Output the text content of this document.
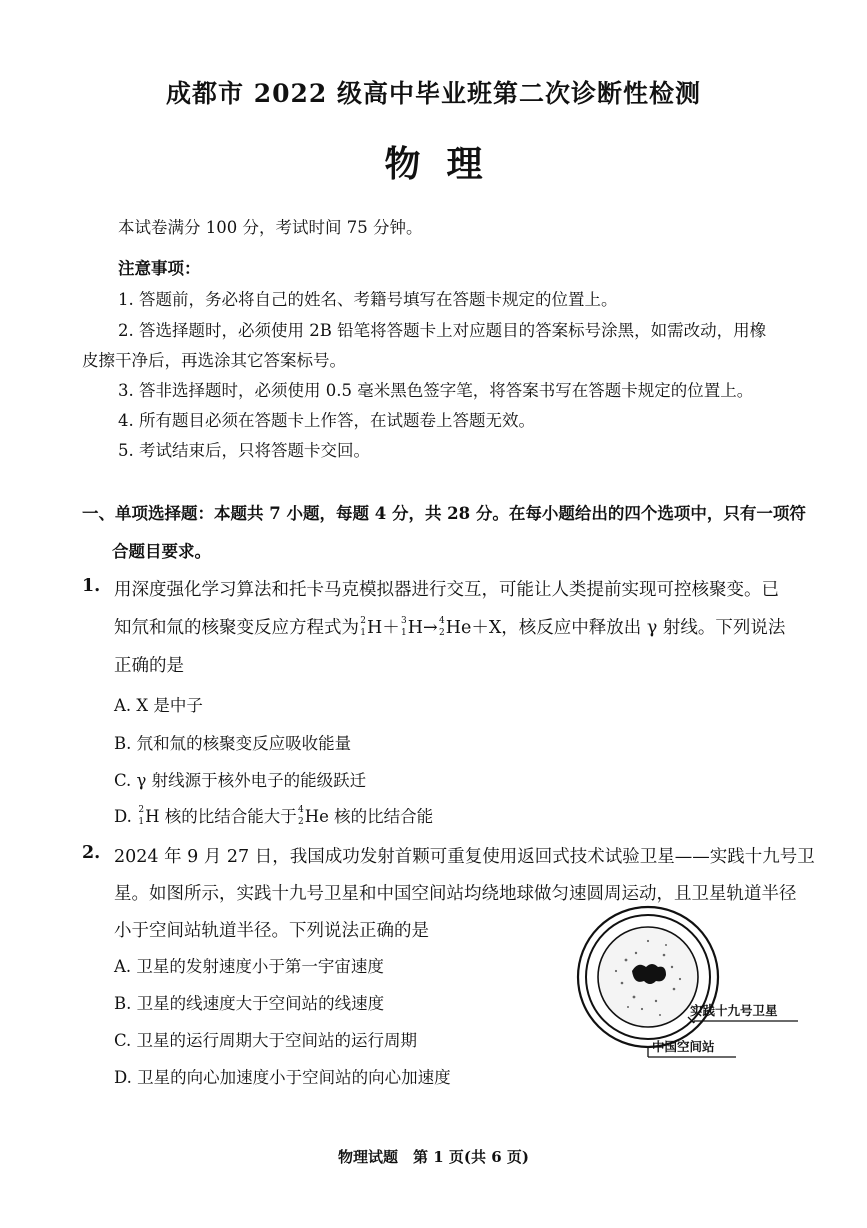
成都市 2022 级高中毕业班第二次诊断性检测
物理
本试卷满分 100 分，考试时间 75 分钟。
注意事项：
1. 答题前，务必将自己的姓名、考籍号填写在答题卡规定的位置上。
2. 答选择题时，必须使用 2B 铅笔将答题卡上对应题目的答案标号涂黑，如需改动，用橡
皮擦干净后，再选涂其它答案标号。
3. 答非选择题时，必须使用 0.5 毫米黑色签字笔，将答案书写在答题卡规定的位置上。
4. 所有题目必须在答题卡上作答，在试题卷上答题无效。
5. 考试结束后，只将答题卡交回。
一、单项选择题：本题共 7 小题，每题 4 分，共 28 分。在每小题给出的四个选项中，只有一项符
合题目要求。
1. 用深度强化学习算法和托卡马克模拟器进行交互，可能让人类提前实现可控核聚变。已
知氘和氚的核聚变反应方程式为 2
1 H＋ 3
1 H→ 4
2 He＋X，核反应中释放出 γ 射线。下列说法
正确的是
A. X 是中子
B. 氘和氚的核聚变反应吸收能量
C. γ 射线源于核外电子的能级跃迁
D. 2
1 H 核的比结合能大于 4
2 He 核的比结合能
2. 2024 年 9 月 27 日，我国成功发射首颗可重复使用返回式技术试验卫星——实践十九号卫
星。如图所示，实践十九号卫星和中国空间站均绕地球做匀速圆周运动，且卫星轨道半径
小于空间站轨道半径。下列说法正确的是
A. 卫星的发射速度小于第一宇宙速度
B. 卫星的线速度大于空间站的线速度
C. 卫星的运行周期大于空间站的运行周期
D. 卫星的向心加速度小于空间站的向心加速度
实践十九号卫星
中国空间站
物理试题　第 1 页(共 6 页)
